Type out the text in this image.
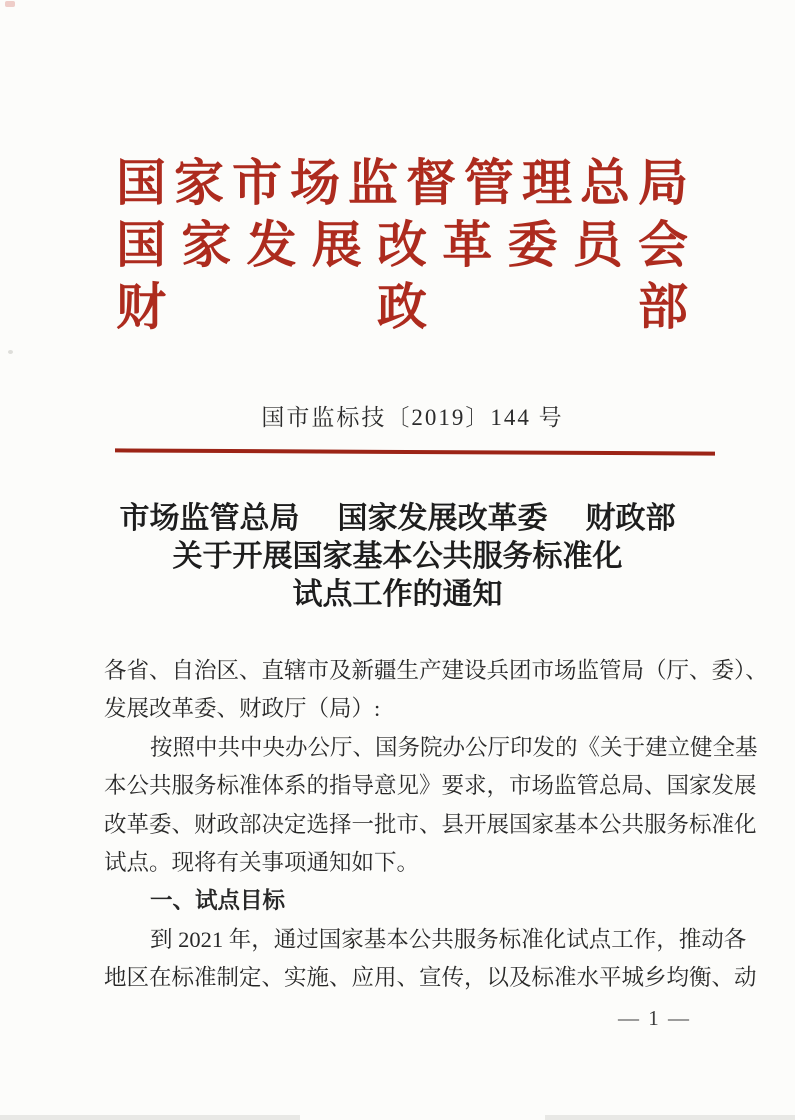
国 家 市 场 监 督 管 理 总 局
国 家 发 展 改 革 委 员 会
财	政	部
国市监标技〔2019〕144 号
市场监管总局 国家发展改革委 财政部
关于开展国家基本公共服务标准化
试点工作的通知
各省、自治区、直辖市及新疆生产建设兵团市场监管局（厅、委）、
发展改革委、财政厅（局）:
按照中共中央办公厅、国务院办公厅印发的《关于建立健全基
本公共服务标准体系的指导意见》要求，市场监管总局、国家发展
改革委、财政部决定选择一批市、县开展国家基本公共服务标准化
试点。现将有关事项通知如下。
一、试点目标
到 2021 年，通过国家基本公共服务标准化试点工作，推动各
地区在标准制定、实施、应用、宣传，以及标准水平城乡均衡、动
— 1 —
